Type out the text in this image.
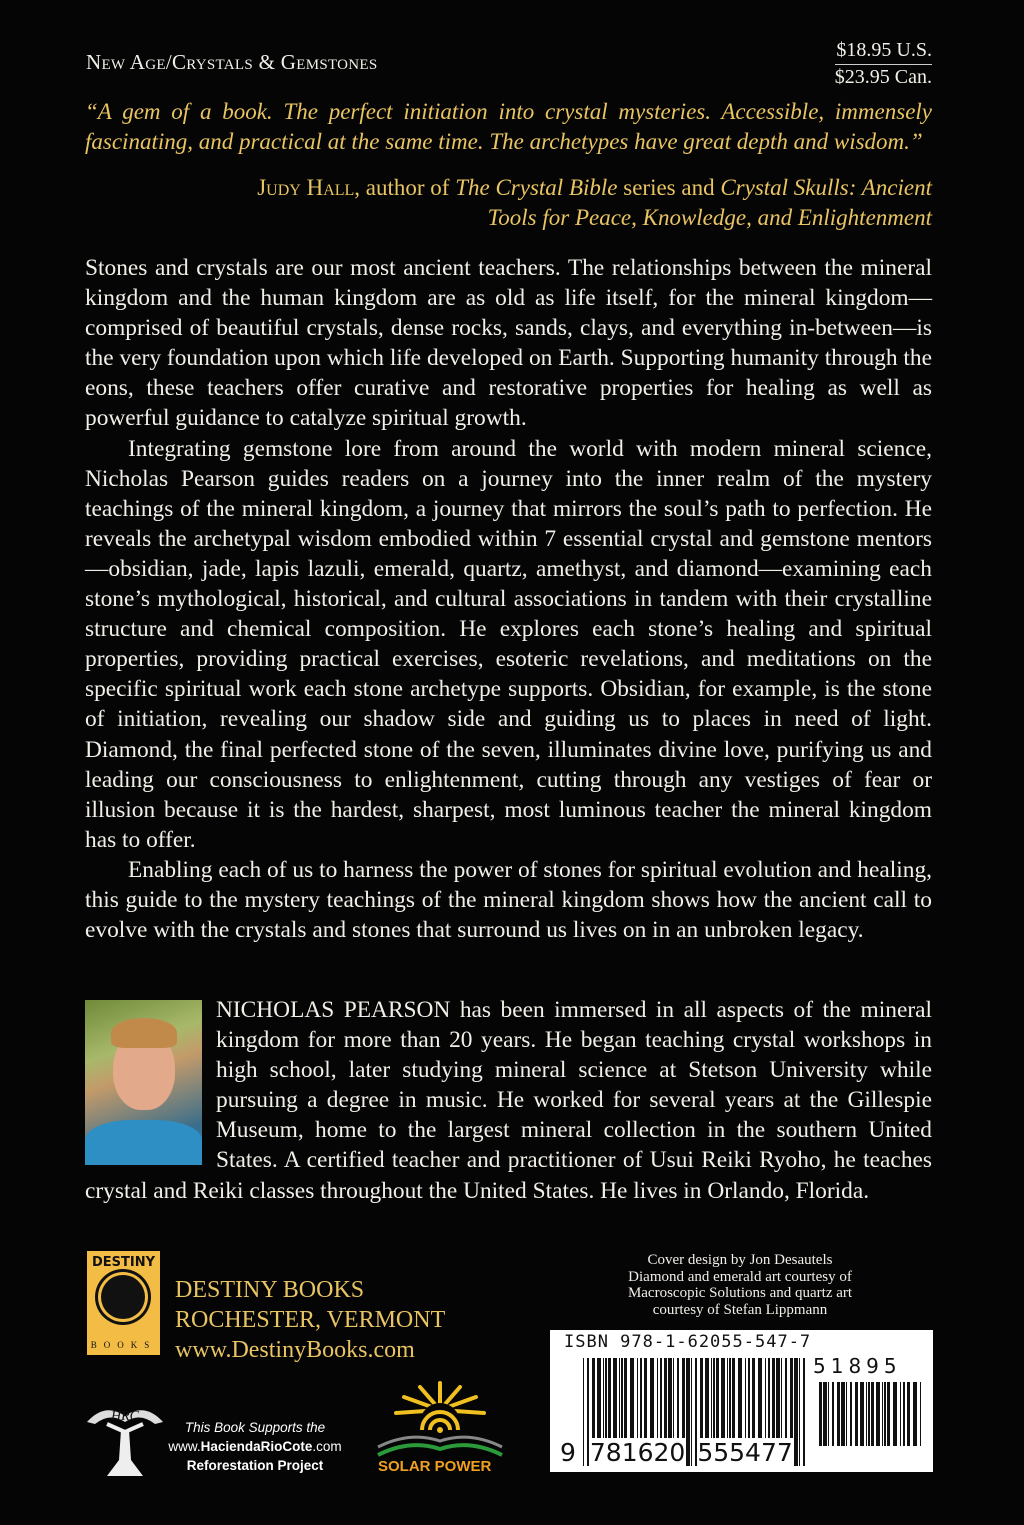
New Age/Crystals & Gemstones	$18.95 U.S.
$23.95 Can.
“A gem of a book. The perfect initiation into crystal mysteries. Accessible, immensely fascinating, and practical at the same time. The archetypes have great depth and wisdom.”
Judy Hall, author of The Crystal Bible series and Crystal Skulls: Ancient Tools for Peace, Knowledge, and Enlightenment

Stones and crystals are our most ancient teachers. The relationships between the mineral kingdom and the human kingdom are as old as life itself, for the mineral kingdom—comprised of beautiful crystals, dense rocks, sands, clays, and everything in-between—is the very foundation upon which life developed on Earth. Supporting humanity through the eons, these teachers offer curative and restorative properties for healing as well as powerful guidance to catalyze spiritual growth.

Integrating gemstone lore from around the world with modern mineral science, Nicholas Pearson guides readers on a journey into the inner realm of the mystery teachings of the mineral kingdom, a journey that mirrors the soul’s path to perfection. He reveals the archetypal wisdom embodied within 7 essential crystal and gemstone mentors—obsidian, jade, lapis lazuli, emerald, quartz, amethyst, and diamond—examining each stone’s mythological, historical, and cultural associations in tandem with their crystalline structure and chemical composition. He explores each stone’s healing and spiritual properties, providing practical exercises, esoteric revelations, and meditations on the specific spiritual work each stone archetype supports. Obsidian, for example, is the stone of initiation, revealing our shadow side and guiding us to places in need of light. Diamond, the final perfected stone of the seven, illuminates divine love, purifying us and leading our consciousness to enlightenment, cutting through any vestiges of fear or illusion because it is the hardest, sharpest, most luminous teacher the mineral kingdom has to offer.

Enabling each of us to harness the power of stones for spiritual evolution and healing, this guide to the mystery teachings of the mineral kingdom shows how the ancient call to evolve with the crystals and stones that surround us lives on in an unbroken legacy.

NICHOLAS PEARSON has been immersed in all aspects of the mineral kingdom for more than 20 years. He began teaching crystal workshops in high school, later studying mineral science at Stetson University while pursuing a degree in music. He worked for several years at the Gillespie Museum, home to the largest mineral collection in the southern United States. A certified teacher and practitioner of Usui Reiki Ryoho, he teaches crystal and Reiki classes throughout the United States. He lives in Orlando, Florida.
DESTINY
BOOKS
DESTINY BOOKS
ROCHESTER, VERMONT
www.DestinyBooks.com
Cover design by Jon Desautels
Diamond and emerald art courtesy of
Macroscopic Solutions and quartz art
courtesy of Stefan Lippmann
ISBN 978-1-62055-547-7
51895
9 781620 555477
HRC
This Book Supports the
www.HaciendaRioCote.com
Reforestation Project	SOLAR POWER
